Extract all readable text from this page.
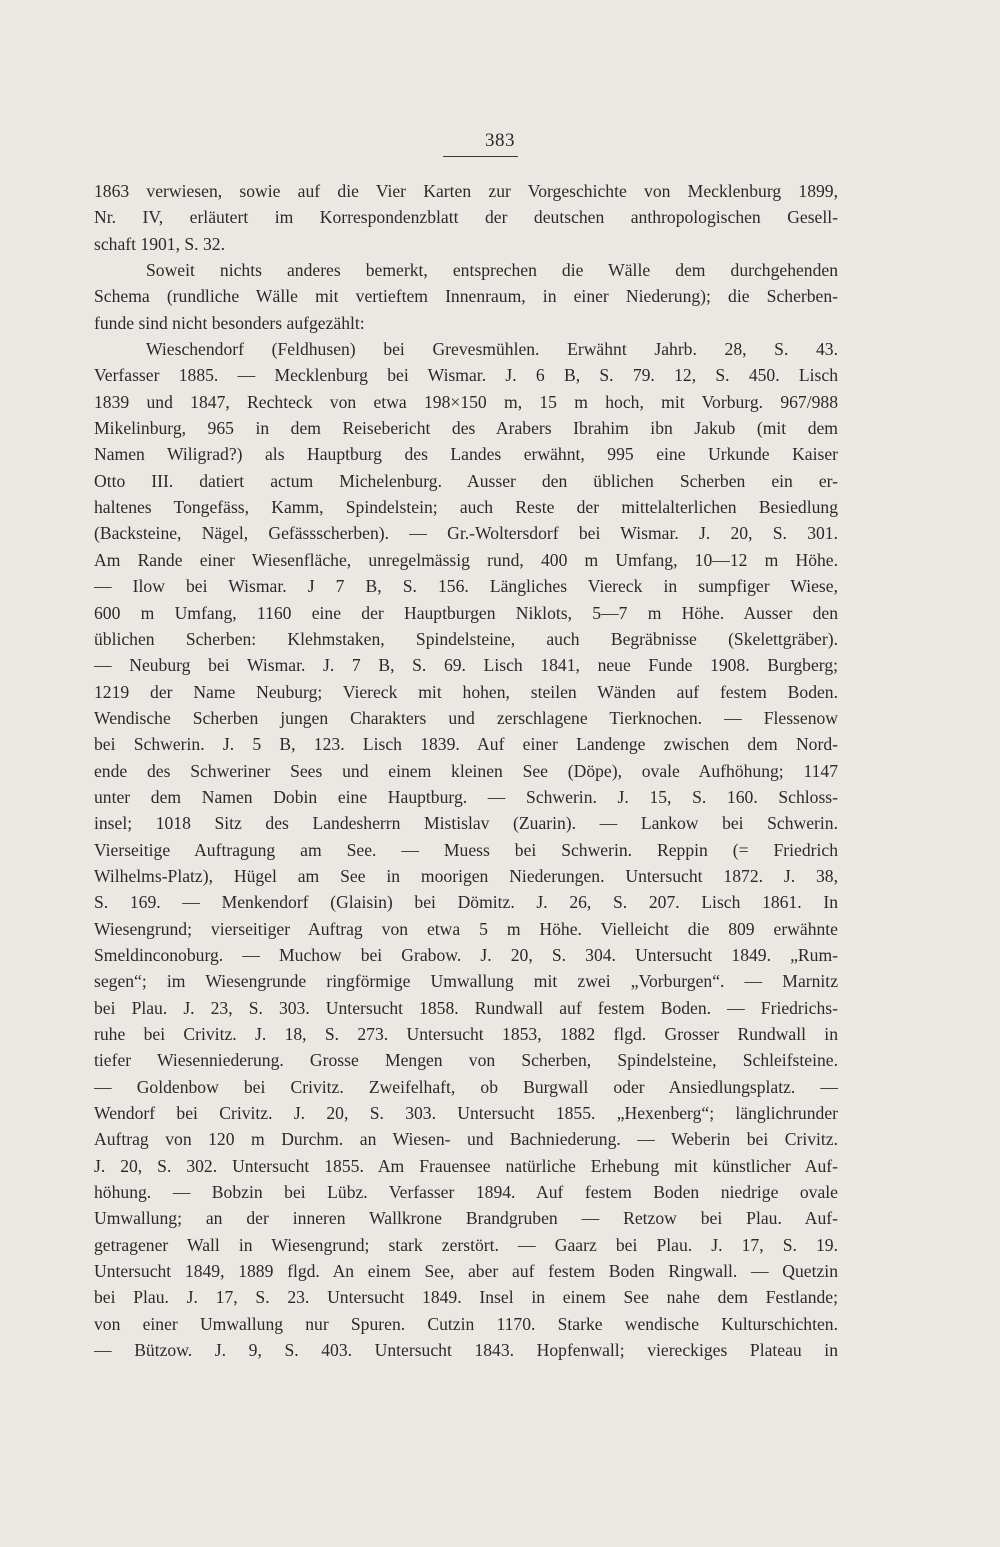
383
1863 verwiesen, sowie auf die Vier Karten zur Vorgeschichte von Mecklenburg 1899,
Nr. IV, erläutert im Korrespondenzblatt der deutschen anthropologischen Gesell-
schaft 1901, S. 32.
Soweit nichts anderes bemerkt, entsprechen die Wälle dem durchgehenden
Schema (rundliche Wälle mit vertieftem Innenraum, in einer Niederung); die Scherben-
funde sind nicht besonders aufgezählt:
Wieschendorf (Feldhusen) bei Grevesmühlen. Erwähnt Jahrb. 28, S. 43.
Verfasser 1885. — Mecklenburg bei Wismar. J. 6 B, S. 79. 12, S. 450. Lisch
1839 und 1847, Rechteck von etwa 198×150 m, 15 m hoch, mit Vorburg. 967/988
Mikelinburg, 965 in dem Reisebericht des Arabers Ibrahim ibn Jakub (mit dem
Namen Wiligrad?) als Hauptburg des Landes erwähnt, 995 eine Urkunde Kaiser
Otto III. datiert actum Michelenburg. Ausser den üblichen Scherben ein er-
haltenes Tongefäss, Kamm, Spindelstein; auch Reste der mittelalterlichen Besiedlung
(Backsteine, Nägel, Gefässscherben). — Gr.-Woltersdorf bei Wismar. J. 20, S. 301.
Am Rande einer Wiesenfläche, unregelmässig rund, 400 m Umfang, 10—12 m Höhe.
— Ilow bei Wismar. J 7 B, S. 156. Längliches Viereck in sumpfiger Wiese,
600 m Umfang, 1160 eine der Hauptburgen Niklots, 5—7 m Höhe. Ausser den
üblichen Scherben: Klehmstaken, Spindelsteine, auch Begräbnisse (Skelettgräber).
— Neuburg bei Wismar. J. 7 B, S. 69. Lisch 1841, neue Funde 1908. Burgberg;
1219 der Name Neuburg; Viereck mit hohen, steilen Wänden auf festem Boden.
Wendische Scherben jungen Charakters und zerschlagene Tierknochen. — Flessenow
bei Schwerin. J. 5 B, 123. Lisch 1839. Auf einer Landenge zwischen dem Nord-
ende des Schweriner Sees und einem kleinen See (Döpe), ovale Aufhöhung; 1147
unter dem Namen Dobin eine Hauptburg. — Schwerin. J. 15, S. 160. Schloss-
insel; 1018 Sitz des Landesherrn Mistislav (Zuarin). — Lankow bei Schwerin.
Vierseitige Auftragung am See. — Muess bei Schwerin. Reppin (= Friedrich
Wilhelms-Platz), Hügel am See in moorigen Niederungen. Untersucht 1872. J. 38,
S. 169. — Menkendorf (Glaisin) bei Dömitz. J. 26, S. 207. Lisch 1861. In
Wiesengrund; vierseitiger Auftrag von etwa 5 m Höhe. Vielleicht die 809 erwähnte
Smeldinconoburg. — Muchow bei Grabow. J. 20, S. 304. Untersucht 1849. „Rum-
segen“; im Wiesengrunde ringförmige Umwallung mit zwei „Vorburgen“. — Marnitz
bei Plau. J. 23, S. 303. Untersucht 1858. Rundwall auf festem Boden. — Friedrichs-
ruhe bei Crivitz. J. 18, S. 273. Untersucht 1853, 1882 flgd. Grosser Rundwall in
tiefer Wiesenniederung. Grosse Mengen von Scherben, Spindelsteine, Schleifsteine.
— Goldenbow bei Crivitz. Zweifelhaft, ob Burgwall oder Ansiedlungsplatz. —
Wendorf bei Crivitz. J. 20, S. 303. Untersucht 1855. „Hexenberg“; länglichrunder
Auftrag von 120 m Durchm. an Wiesen- und Bachniederung. — Weberin bei Crivitz.
J. 20, S. 302. Untersucht 1855. Am Frauensee natürliche Erhebung mit künstlicher Auf-
höhung. — Bobzin bei Lübz. Verfasser 1894. Auf festem Boden niedrige ovale
Umwallung; an der inneren Wallkrone Brandgruben — Retzow bei Plau. Auf-
getragener Wall in Wiesengrund; stark zerstört. — Gaarz bei Plau. J. 17, S. 19.
Untersucht 1849, 1889 flgd. An einem See, aber auf festem Boden Ringwall. — Quetzin
bei Plau. J. 17, S. 23. Untersucht 1849. Insel in einem See nahe dem Festlande;
von einer Umwallung nur Spuren. Cutzin 1170. Starke wendische Kulturschichten.
— Bützow. J. 9, S. 403. Untersucht 1843. Hopfenwall; viereckiges Plateau in
